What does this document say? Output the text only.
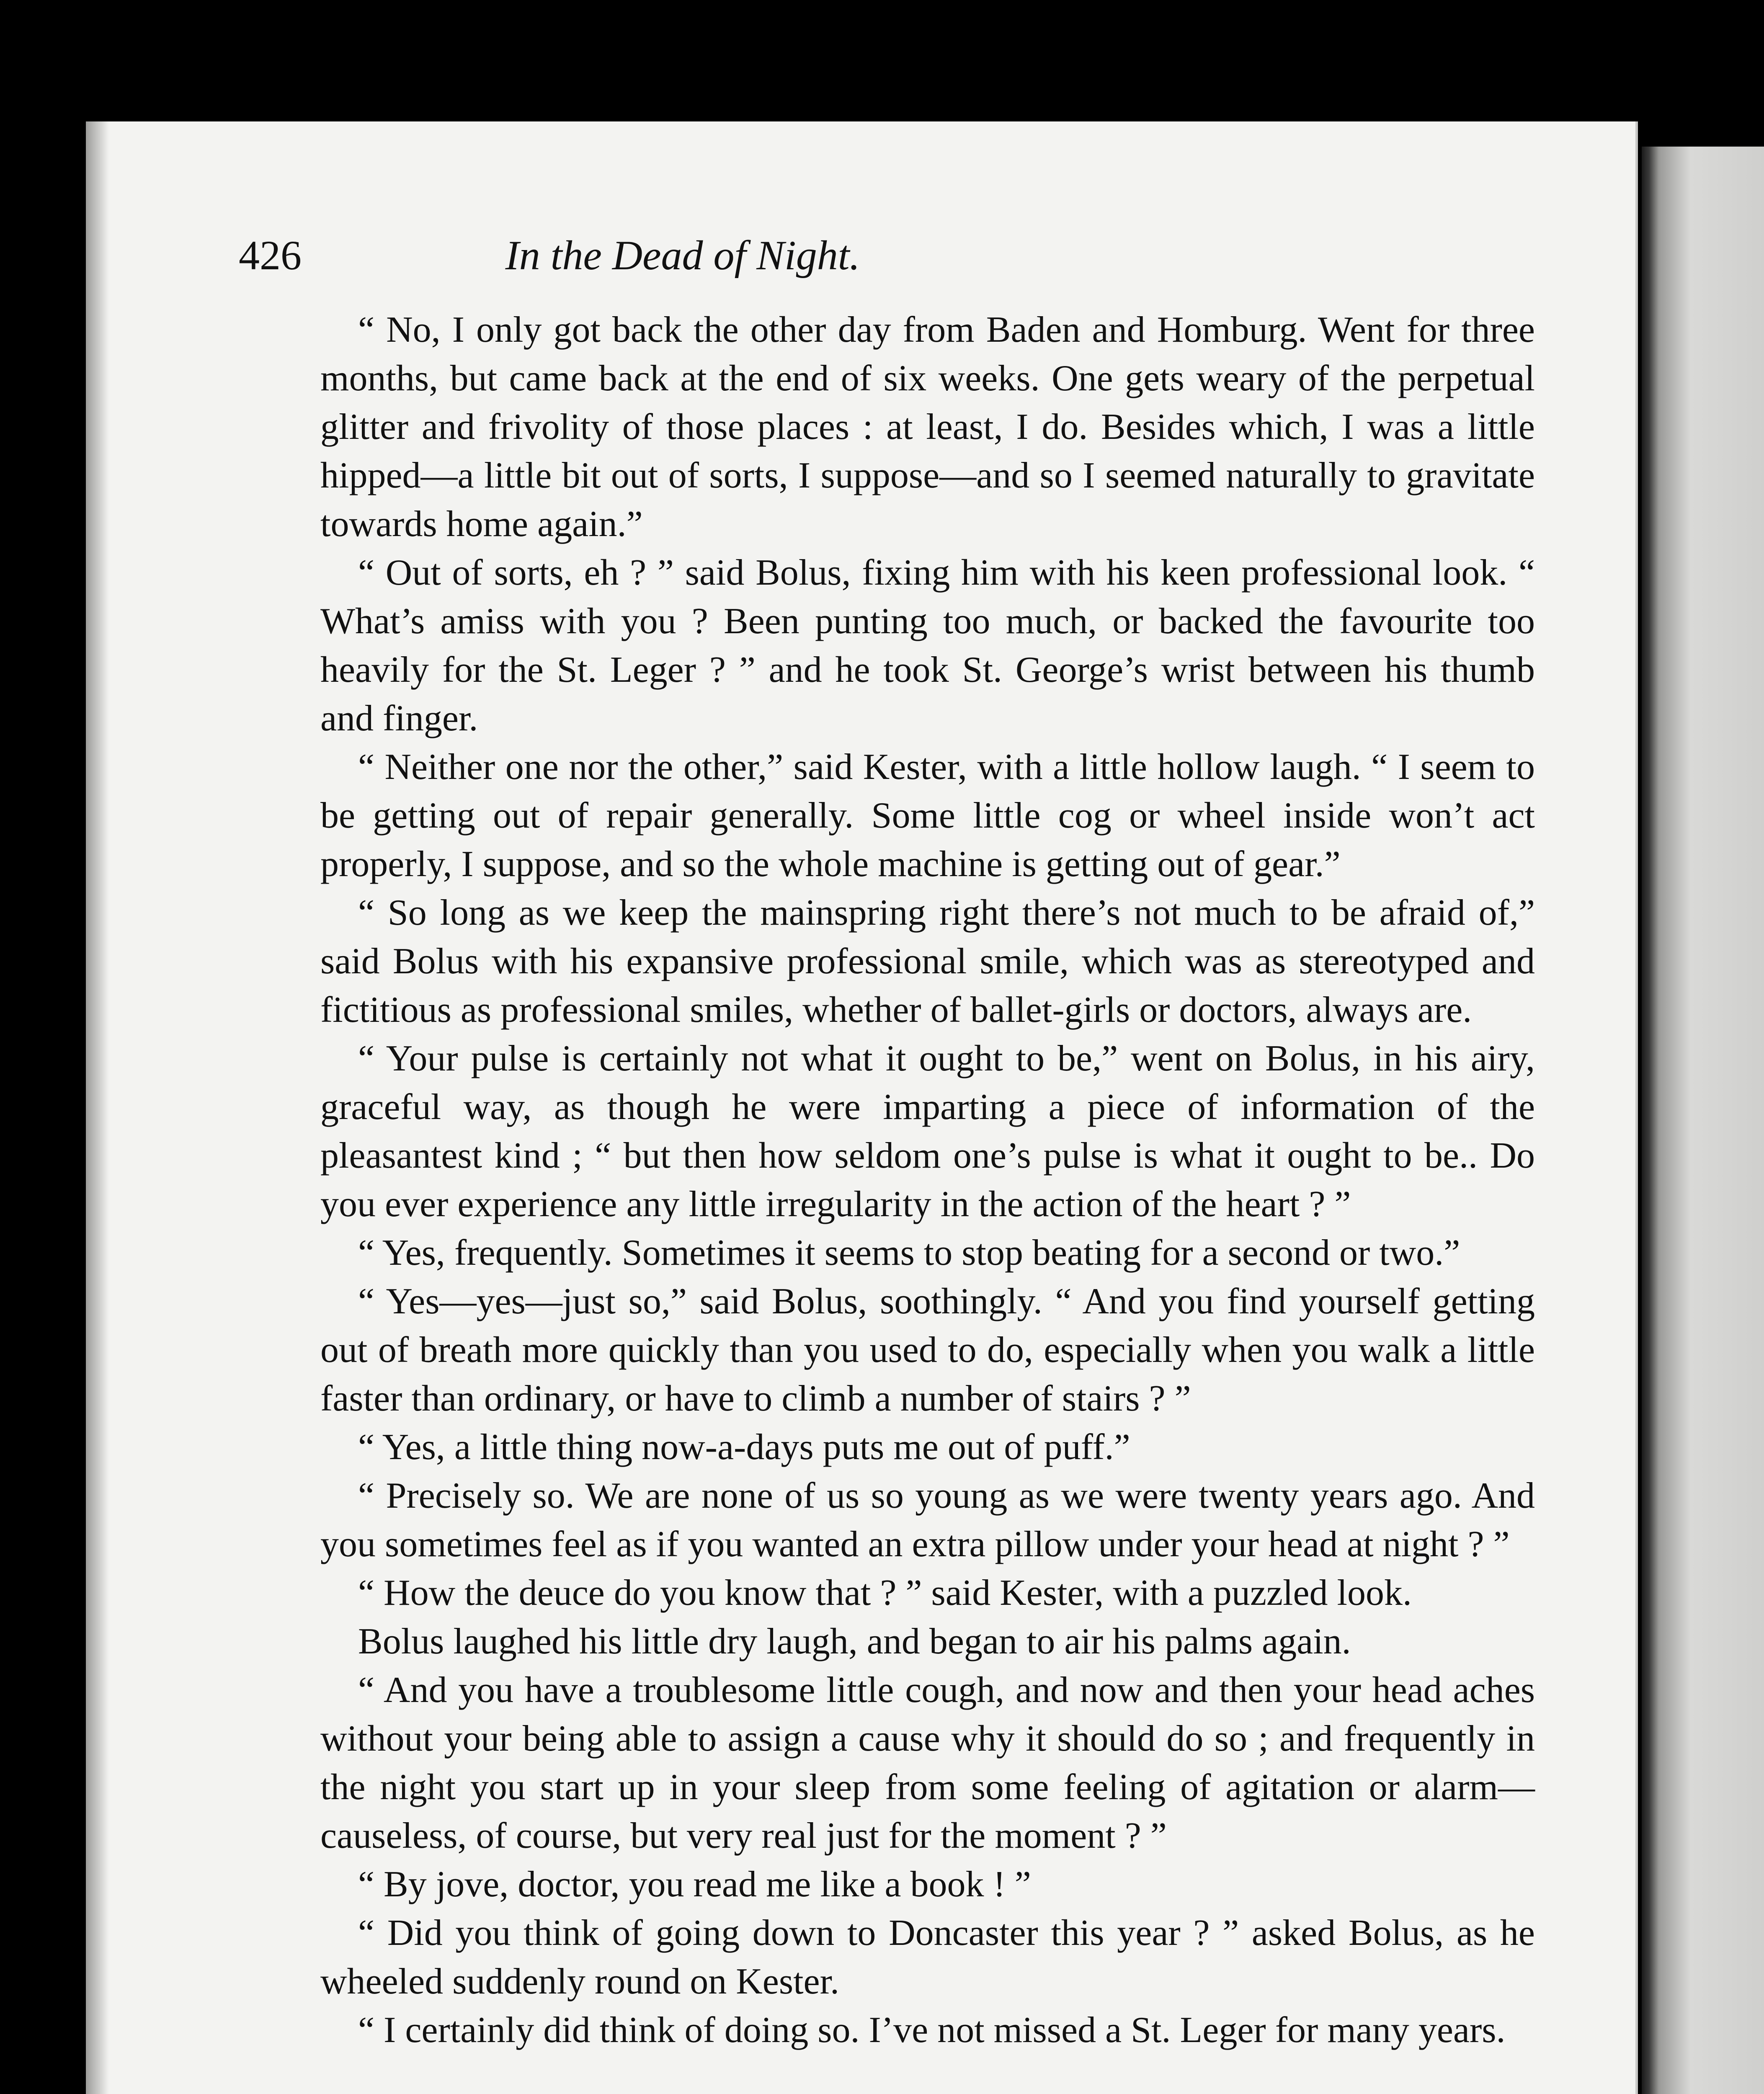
426	In the Dead of Night.

“ No, I only got back the other day from Baden and Homburg. Went for three months, but came back at the end of six weeks. One gets weary of the perpetual glitter and frivolity of those places : at least, I do. Besides which, I was a little hipped—a little bit out of sorts, I suppose—and so I seemed naturally to gravitate towards home again.”

“ Out of sorts, eh ? ” said Bolus, fixing him with his keen professional look. “ What’s amiss with you ? Been punting too much, or backed the favourite too heavily for the St. Leger ? ” and he took St. George’s wrist between his thumb and finger.

“ Neither one nor the other,” said Kester, with a little hollow laugh. “ I seem to be getting out of repair generally. Some little cog or wheel inside won’t act properly, I suppose, and so the whole machine is getting out of gear.”

“ So long as we keep the mainspring right there’s not much to be afraid of,” said Bolus with his expansive professional smile, which was as stereotyped and fictitious as professional smiles, whether of ballet-girls or doctors, always are.

“ Your pulse is certainly not what it ought to be,” went on Bolus, in his airy, graceful way, as though he were imparting a piece of information of the pleasantest kind ; “ but then how seldom one’s pulse is what it ought to be.. Do you ever experience any little irregularity in the action of the heart ? ”

“ Yes, frequently. Sometimes it seems to stop beating for a second or two.”

“ Yes—yes—just so,” said Bolus, soothingly. “ And you find yourself getting out of breath more quickly than you used to do, especially when you walk a little faster than ordinary, or have to climb a number of stairs ? ”

“ Yes, a little thing now-a-days puts me out of puff.”

“ Precisely so. We are none of us so young as we were twenty years ago. And you sometimes feel as if you wanted an extra pillow under your head at night ? ”

“ How the deuce do you know that ? ” said Kester, with a puzzled look.

Bolus laughed his little dry laugh, and began to air his palms again.

“ And you have a troublesome little cough, and now and then your head aches without your being able to assign a cause why it should do so ; and frequently in the night you start up in your sleep from some feeling of agitation or alarm—causeless, of course, but very real just for the moment ? ”

“ By jove, doctor, you read me like a book ! ”

“ Did you think of going down to Doncaster this year ? ” asked Bolus, as he wheeled suddenly round on Kester.

“ I certainly did think of doing so. I’ve not missed a St. Leger for many years.
